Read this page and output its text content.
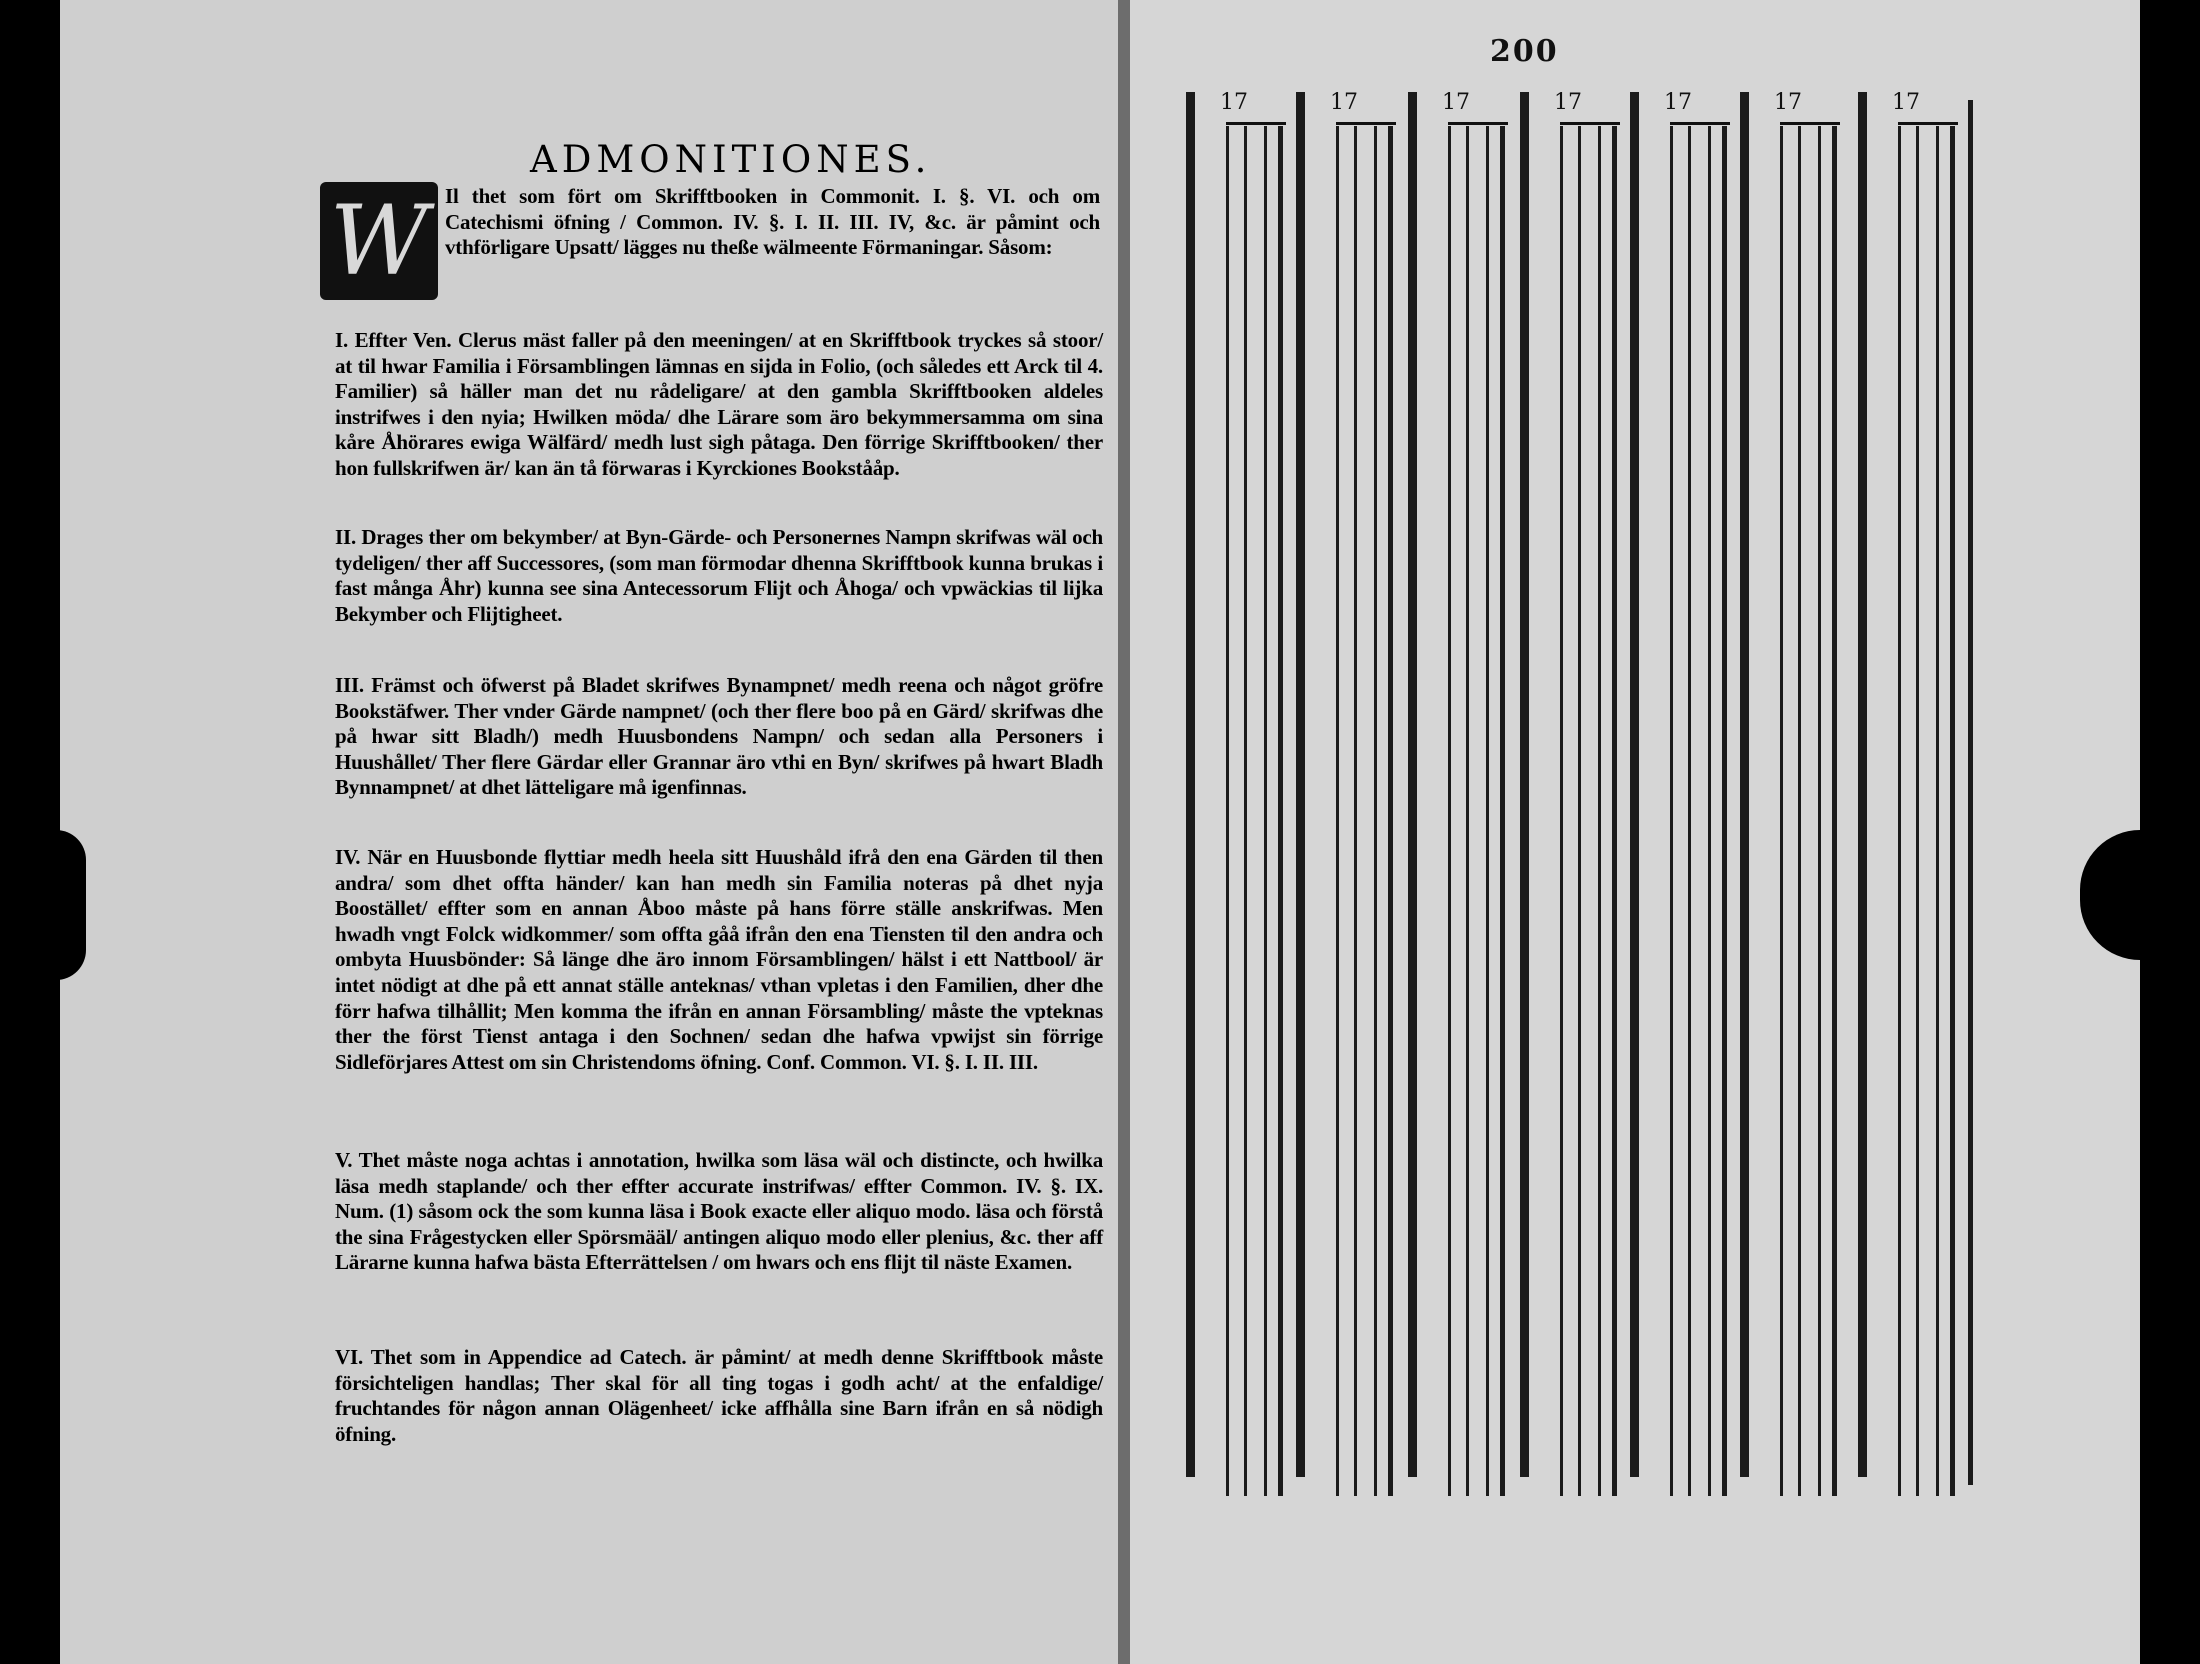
ADMONITIONES.
W Il thet som fört om Skrifftbooken in Commonit. I. §. VI. och om Catechismi öfning / Common. IV. §. I. II. III. IV, &c. är påmint och vthförligare Upsatt/ lägges nu theße wälmeente Förmaningar. Såsom:
I. Effter Ven. Clerus mäst faller på den meeningen/ at en Skrifftbook tryckes så stoor/ at til hwar Familia i Församblingen lämnas en sijda in Folio, (och således ett Arck til 4. Familier) så häller man det nu rådeligare/ at den gambla Skrifftbooken aldeles instrifwes i den nyia; Hwilken möda/ dhe Lärare som äro bekymmersamma om sina kåre Åhörares ewiga Wälfärd/ medh lust sigh påtaga. Den förrige Skrifftbooken/ ther hon fullskrifwen är/ kan än tå förwaras i Kyrckiones Bookstååp.
II. Drages ther om bekymber/ at Byn-Gärde- och Personernes Nampn skrifwas wäl och tydeligen/ ther aff Successores, (som man förmodar dhenna Skrifftbook kunna brukas i fast många Åhr) kunna see sina Antecessorum Flijt och Åhoga/ och vpwäckias til lijka Bekymber och Flijtigheet.
III. Främst och öfwerst på Bladet skrifwes Bynampnet/ medh reena och något gröfre Bookstäfwer. Ther vnder Gärde nampnet/ (och ther flere boo på en Gärd/ skrifwas dhe på hwar sitt Bladh/) medh Huusbondens Nampn/ och sedan alla Personers i Huushållet/ Ther flere Gärdar eller Grannar äro vthi en Byn/ skrifwes på hwart Bladh Bynnampnet/ at dhet lätteligare må igenfinnas.
IV. När en Huusbonde flyttiar medh heela sitt Huushåld ifrå den ena Gärden til then andra/ som dhet offta händer/ kan han medh sin Familia noteras på dhet nyja Boostället/ effter som en annan Åboo måste på hans förre ställe anskrifwas. Men hwadh vngt Folck widkommer/ som offta gåå ifrån den ena Tiensten til den andra och ombyta Huusbönder: Så länge dhe äro innom Församblingen/ hälst i ett Nattbool/ är intet nödigt at dhe på ett annat ställe anteknas/ vthan vpletas i den Familien, dher dhe förr hafwa tilhållit; Men komma the ifrån en annan Försambling/ måste the vpteknas ther the först Tienst antaga i den Sochnen/ sedan dhe hafwa vpwijst sin förrige Sidleförjares Attest om sin Christendoms öfning. Conf. Common. VI. §. I. II. III.
V. Thet måste noga achtas i annotation, hwilka som läsa wäl och distincte, och hwilka läsa medh staplande/ och ther effter accurate instrifwas/ effter Common. IV. §. IX. Num. (1) såsom ock the som kunna läsa i Book exacte eller aliquo modo. läsa och förstå the sina Frågestycken eller Spörsmääl/ antingen aliquo modo eller plenius, &c. ther aff Lärarne kunna hafwa bästa Efterrättelsen / om hwars och ens flijt til näste Examen.
VI. Thet som in Appendice ad Catech. är påmint/ at medh denne Skrifftbook måste försichteligen handlas; Ther skal för all ting togas i godh acht/ at the enfaldige/ fruchtandes för någon annan Olägenheet/ icke affhålla sine Barn ifrån en så nödigh öfning.
200
17	17	17	17	17	17	17
